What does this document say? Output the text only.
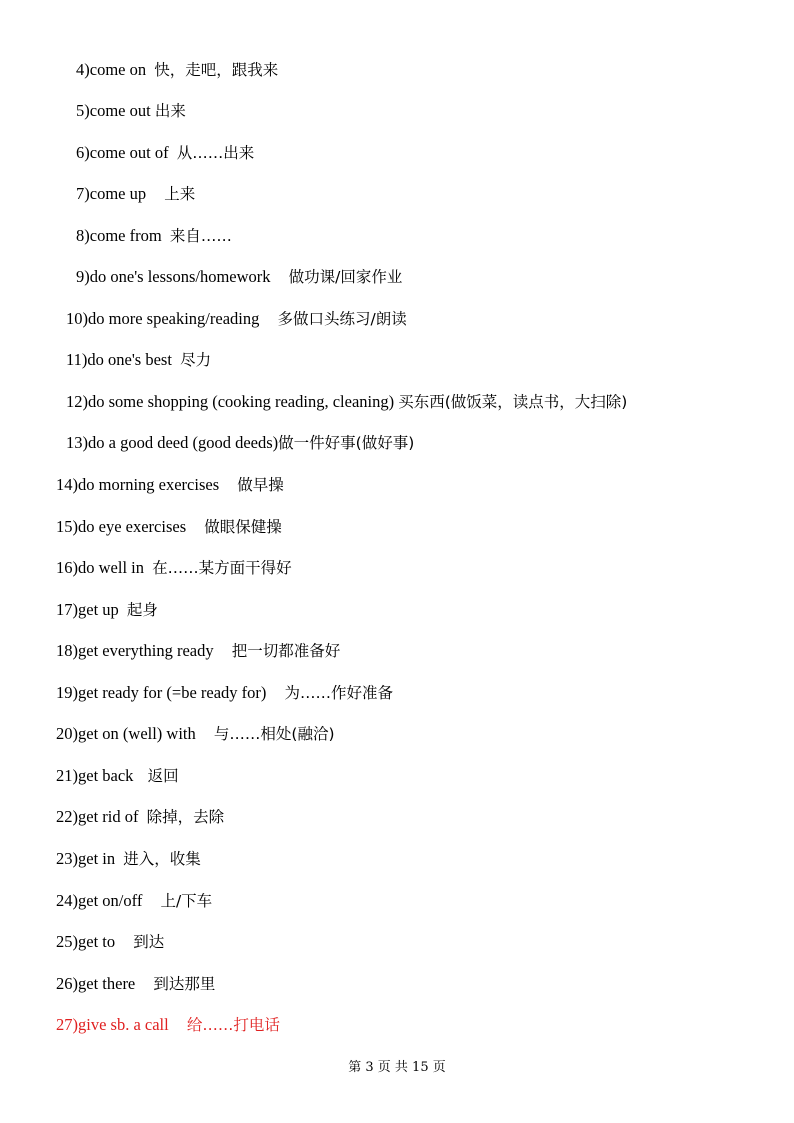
4)come on 快，走吧，跟我来
5)come out 出来
6)come out of 从……出来
7)come up 上来
8)come from 来自……
9)do one's lessons/homework 做功课/回家作业
10)do more speaking/reading 多做口头练习/朗读
11)do one's best 尽力
12)do some shopping (cooking reading, cleaning) 买东西(做饭菜，读点书，大扫除)
13)do a good deed (good deeds)做一件好事(做好事)
14)do morning exercises 做早操
15)do eye exercises 做眼保健操
16)do well in 在……某方面干得好
17)get up 起身
18)get everything ready 把一切都准备好
19)get ready for (=be ready for) 为……作好准备
20)get on (well) with 与……相处(融洽)
21)get back 返回
22)get rid of 除掉，去除
23)get in 进入，收集
24)get on/off 上/下车
25)get to 到达
26)get there 到达那里
27)give sb. a call 给……打电话
第 3 页 共 15 页
